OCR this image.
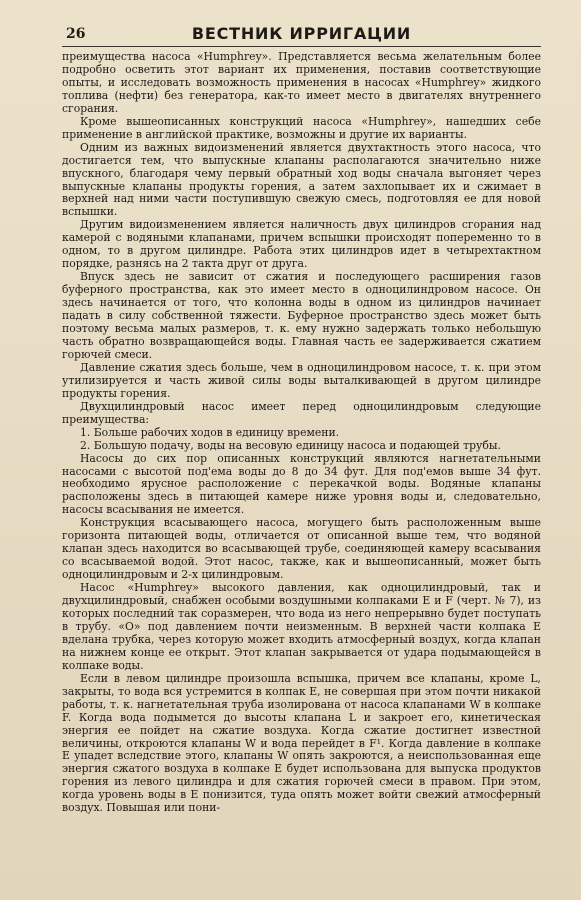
26	ВЕСТНИК ИРРИГАЦИИ

преимущества насоса «Humphrey». Представляется весьма желательным более подробно осветить этот вариант их применения, поставив соответствующие опыты, и исследовать возможность применения в насосах «Humphrey» жидкого топлива (нефти) без генератора, как-то имеет место в двигателях внутреннего сгорания.

Кроме вышеописанных конструкций насоса «Humphrey», нашедших себе применение в английской практике, возможны и другие их варианты.

Одним из важных видоизменений является двухтактность этого насоса, что достигается тем, что выпускные клапаны располагаются значительно ниже впускного, благодаря чему первый обратный ход воды сначала выгоняет через выпускные клапаны продукты горения, а затем захлопывает их и сжимает в верхней над ними части поступившую свежую смесь, подготовляя ее для новой вспышки.

Другим видоизменением является наличность двух цилиндров сгорания над камерой с водяными клапанами, причем вспышки происходят попеременно то в одном, то в другом цилиндре. Работа этих цилиндров идет в четырехтактном порядке, разнясь на 2 такта друг от друга.

Впуск здесь не зависит от сжатия и последующего расширения газов буферного пространства, как это имеет место в одноцилиндровом насосе. Он здесь начинается от того, что колонна воды в одном из цилиндров начинает падать в силу собственной тяжести. Буферное пространство здесь может быть поэтому весьма малых размеров, т. к. ему нужно задержать только небольшую часть обратно возвращающейся воды. Главная часть ее задерживается сжатием горючей смеси.

Давление сжатия здесь больше, чем в одноцилиндровом насосе, т. к. при этом утилизируется и часть живой силы воды выталкивающей в другом цилиндре продукты горения.

Двухцилиндровый насос имеет перед одноцилиндровым следующие преимущества:

1. Больше рабочих ходов в единицу времени.

2. Большую подачу, воды на весовую единицу насоса и подающей трубы.

Насосы до сих пор описанных конструкций являются нагнетательными насосами с высотой под'ема воды до 8 до 34 фут. Для под'емов выше 34 фут. необходимо ярусное расположение с перекачкой воды. Водяные клапаны расположены здесь в питающей камере ниже уровня воды и, следовательно, насосы всасывания не имеется.

Конструкция всасывающего насоса, могущего быть расположенным выше горизонта питающей воды, отличается от описанной выше тем, что водяной клапан здесь находится во всасывающей трубе, соединяющей камеру всасывания со всасываемой водой. Этот насос, также, как и вышеописанный, может быть одноцилиндровым и 2-х цилиндровым.

Насос «Humphrey» высокого давления, как одноцилиндровый, так и двухцилиндровый, снабжен особыми воздушными колпаками E и F (черт. № 7), из которых последний так соразмерен, что вода из него непрерывно будет поступать в трубу. «O» под давлением почти неизменным. В верхней части колпака E вделана трубка, через которую может входить атмосферный воздух, когда клапан на нижнем конце ее открыт. Этот клапан закрывается от удара подымающейся в колпаке воды.

Если в левом цилиндре произошла вспышка, причем все клапаны, кроме L, закрыты, то вода вся устремится в колпак E, не совершая при этом почти никакой работы, т. к. нагнетательная труба изолирована от насоса клапанами W в колпаке F. Когда вода подымется до высоты клапана L и закроет его, кинетическая энергия ее пойдет на сжатие воздуха. Когда сжатие достигнет известной величины, откроются клапаны W и вода перейдет в F¹. Когда давление в колпаке E упадет вследствие этого, клапаны W опять закроются, а неиспользованная еще энергия сжатого воздуха в колпаке E будет использована для выпуска продуктов горения из левого цилиндра и для сжатия горючей смеси в правом. При этом, когда уровень воды в E понизится, туда опять может войти свежий атмосферный воздух. Повышая или пони-
